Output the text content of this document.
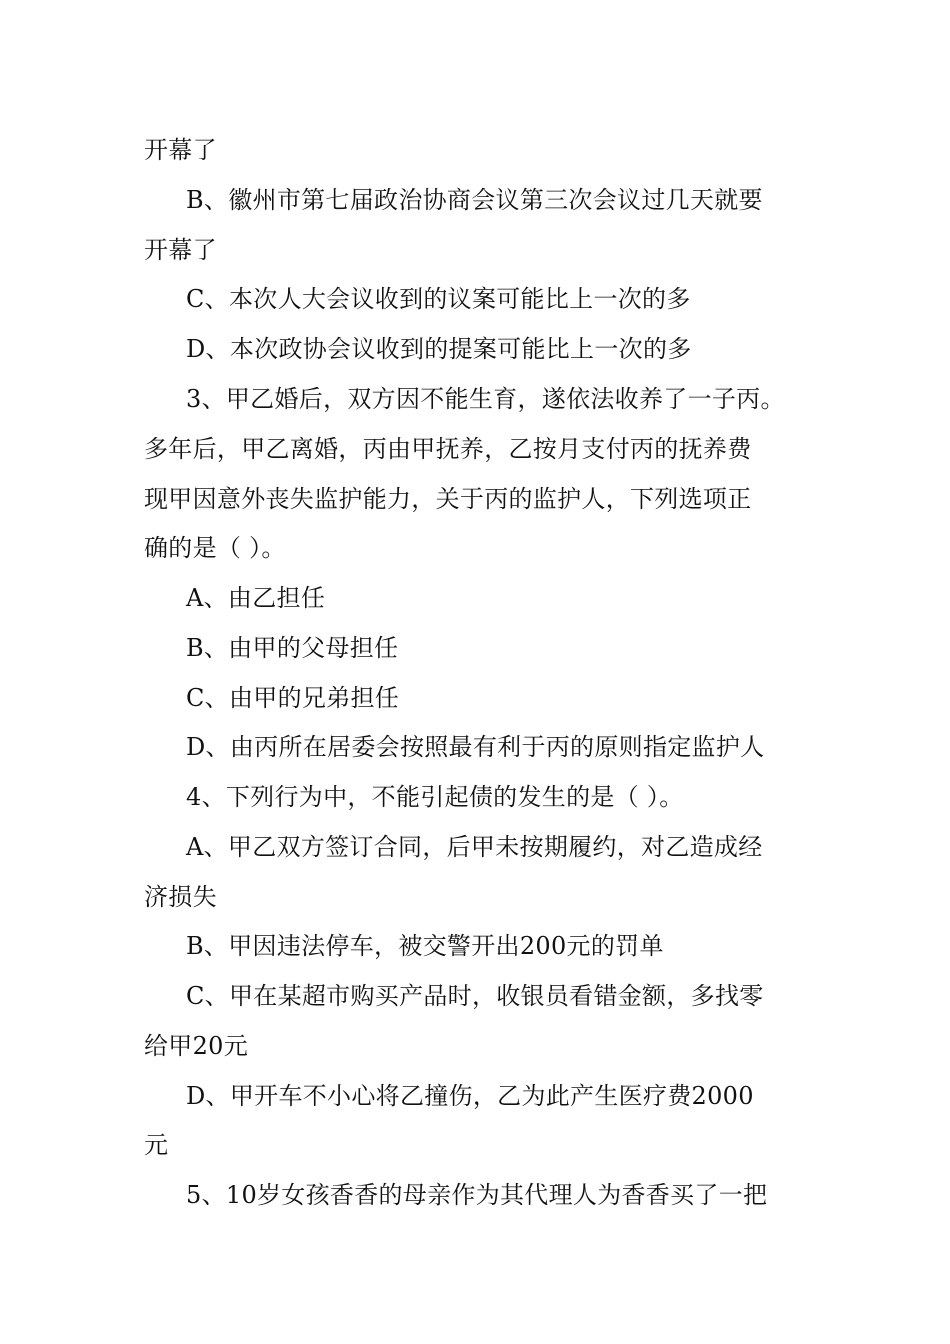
开幕了
B、徽州市第七届政治协商会议第三次会议过几天就要
开幕了
C、本次人大会议收到的议案可能比上一次的多
D、本次政协会议收到的提案可能比上一次的多
3、甲乙婚后，双方因不能生育，遂依法收养了一子丙。
多年后，甲乙离婚，丙由甲抚养，乙按月支付丙的抚养费
现甲因意外丧失监护能力，关于丙的监护人，下列选项正
确的是（ ）。
A、由乙担任
B、由甲的父母担任
C、由甲的兄弟担任
D、由丙所在居委会按照最有利于丙的原则指定监护人
4、下列行为中，不能引起债的发生的是（ ）。
A、甲乙双方签订合同，后甲未按期履约，对乙造成经
济损失
B、甲因违法停车，被交警开出200元的罚单
C、甲在某超市购买产品时，收银员看错金额，多找零
给甲20元
D、甲开车不小心将乙撞伤，乙为此产生医疗费2000
元
5、10岁女孩香香的母亲作为其代理人为香香买了一把
